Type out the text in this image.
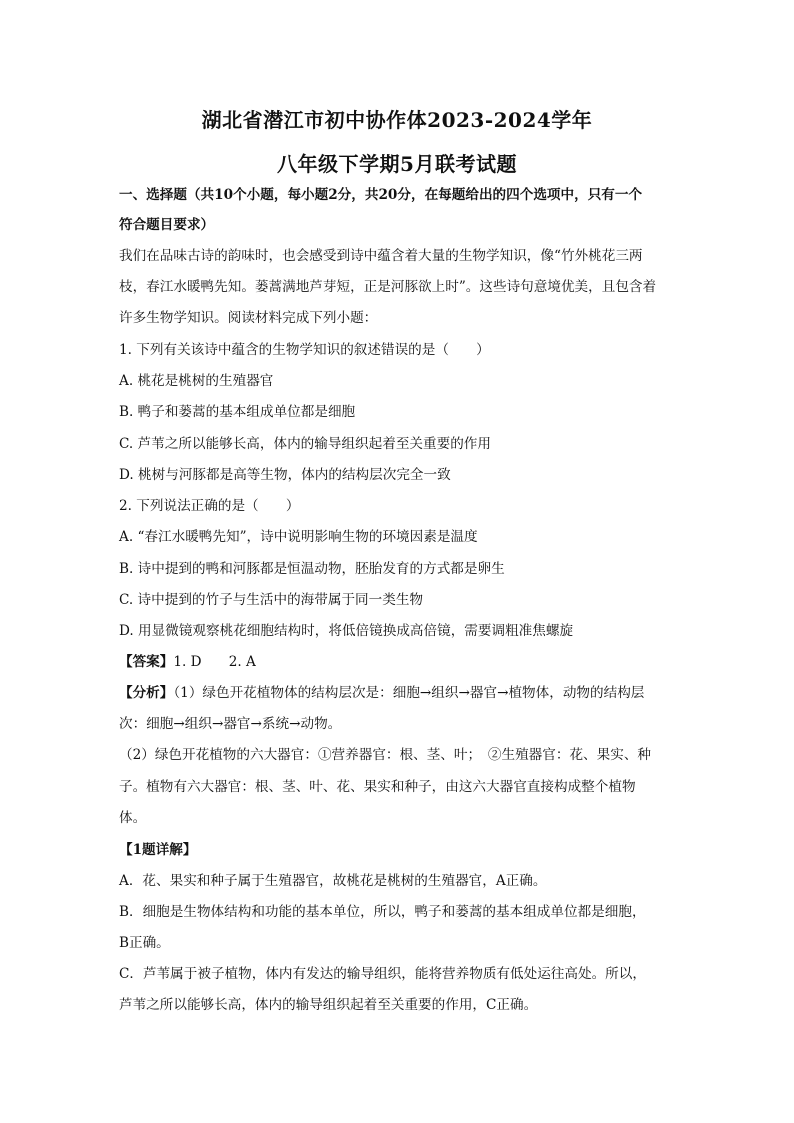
湖北省潜江市初中协作体2023-2024学年
八年级下学期5月联考试题
一、选择题（共10个小题，每小题2分，共20分，在每题给出的四个选项中，只有一个
符合题目要求）
我们在品味古诗的韵味时，也会感受到诗中蕴含着大量的生物学知识，像“竹外桃花三两
枝，春江水暖鸭先知。蒌蒿满地芦芽短，正是河豚欲上时”。这些诗句意境优美，且包含着
许多生物学知识。阅读材料完成下列小题：
1. 下列有关该诗中蕴含的生物学知识的叙述错误的是（　　）
A. 桃花是桃树的生殖器官
B. 鸭子和蒌蒿的基本组成单位都是细胞
C. 芦苇之所以能够长高，体内的输导组织起着至关重要的作用
D. 桃树与河豚都是高等生物，体内的结构层次完全一致
2. 下列说法正确的是（　　）
A. “春江水暖鸭先知”，诗中说明影响生物的环境因素是温度
B. 诗中提到的鸭和河豚都是恒温动物，胚胎发育的方式都是卵生
C. 诗中提到的竹子与生活中的海带属于同一类生物
D. 用显微镜观察桃花细胞结构时，将低倍镜换成高倍镜，需要调粗准焦螺旋
【答案】1. D　　2. A
【分析】（1）绿色开花植物体的结构层次是：细胞→组织→器官→植物体，动物的结构层
次：细胞→组织→器官→系统→动物。
（2）绿色开花植物的六大器官：①营养器官：根、茎、叶；　②生殖器官：花、果实、种
子。植物有六大器官：根、茎、叶、花、果实和种子，由这六大器官直接构成整个植物
体。
【1题详解】
A．花、果实和种子属于生殖器官，故桃花是桃树的生殖器官，A正确。
B．细胞是生物体结构和功能的基本单位，所以，鸭子和蒌蒿的基本组成单位都是细胞，
B正确。
C．芦苇属于被子植物，体内有发达的输导组织，能将营养物质有低处运往高处。所以，
芦苇之所以能够长高，体内的输导组织起着至关重要的作用，C正确。
